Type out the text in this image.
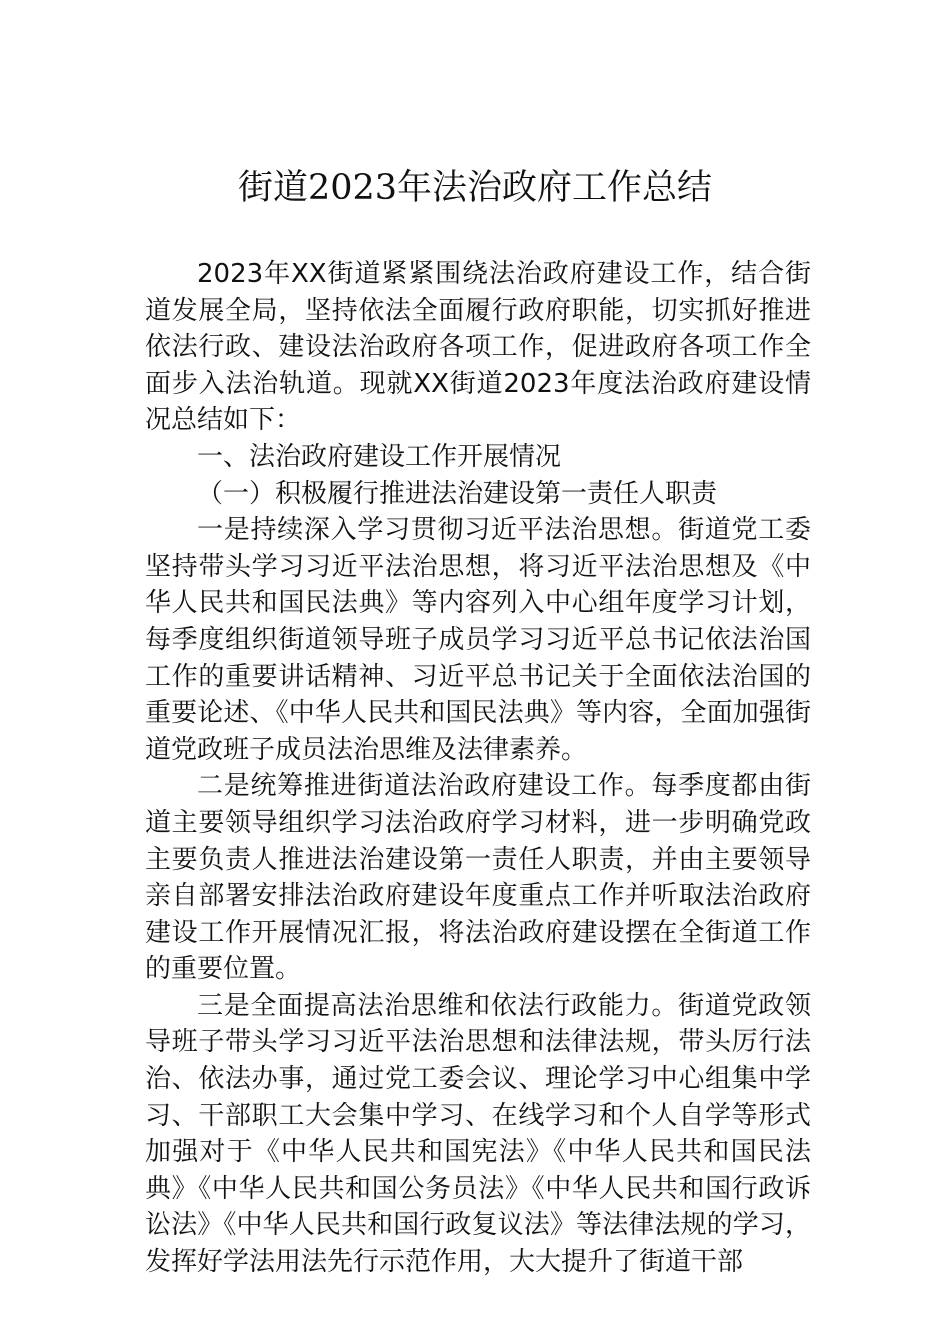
街道2023年法治政府工作总结

2023年XX街道紧紧围绕法治政府建设工作，结合街道发展全局，坚持依法全面履行政府职能，切实抓好推进依法行政、建设法治政府各项工作，促进政府各项工作全面步入法治轨道。现就XX街道2023年度法治政府建设情况总结如下：

一、法治政府建设工作开展情况

（一）积极履行推进法治建设第一责任人职责

一是持续深入学习贯彻习近平法治思想。街道党工委坚持带头学习习近平法治思想，将习近平法治思想及《中华人民共和国民法典》等内容列入中心组年度学习计划，每季度组织街道领导班子成员学习习近平总书记依法治国工作的重要讲话精神、习近平总书记关于全面依法治国的重要论述、《中华人民共和国民法典》等内容，全面加强街道党政班子成员法治思维及法律素养。

二是统筹推进街道法治政府建设工作。每季度都由街道主要领导组织学习法治政府学习材料，进一步明确党政主要负责人推进法治建设第一责任人职责，并由主要领导亲自部署安排法治政府建设年度重点工作并听取法治政府建设工作开展情况汇报，将法治政府建设摆在全街道工作的重要位置。

三是全面提高法治思维和依法行政能力。街道党政领导班子带头学习习近平法治思想和法律法规，带头厉行法治、依法办事，通过党工委会议、理论学习中心组集中学习、干部职工大会集中学习、在线学习和个人自学等形式加强对于《中华人民共和国宪法》《中华人民共和国民法典》《中华人民共和国公务员法》《中华人民共和国行政诉讼法》《中华人民共和国行政复议法》等法律法规的学习，发挥好学法用法先行示范作用，大大提升了街道干部
